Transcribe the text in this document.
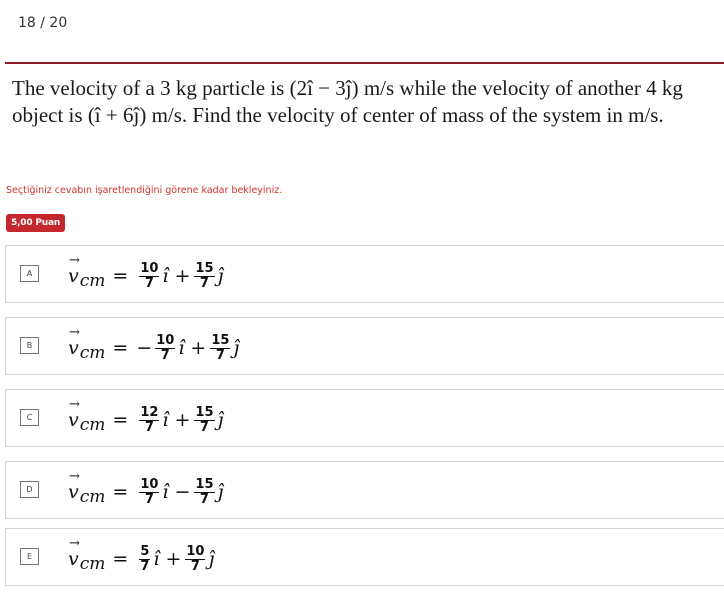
18 / 20
The velocity of a 3 kg particle is (2î − 3ĵ) m/s while the velocity of another 4 kg object is (î + 6ĵ) m/s. Find the velocity of center of mass of the system in m/s.
Seçtiğiniz cevabın işaretlendiğini görene kadar bekleyiniz.
5,00 Puan
A
→
v cm = $\frac{10}{7}$ î + $\frac{15}{7}$ ĵ
B
→
v cm = − $\frac{10}{7}$ î + $\frac{15}{7}$ ĵ
C
→
v cm = $\frac{12}{7}$ î + $\frac{15}{7}$ ĵ
D
→
v cm = $\frac{10}{7}$ î − $\frac{15}{7}$ ĵ
E
→
v cm = $\frac{5}{7}$ î + $\frac{10}{7}$ ĵ
